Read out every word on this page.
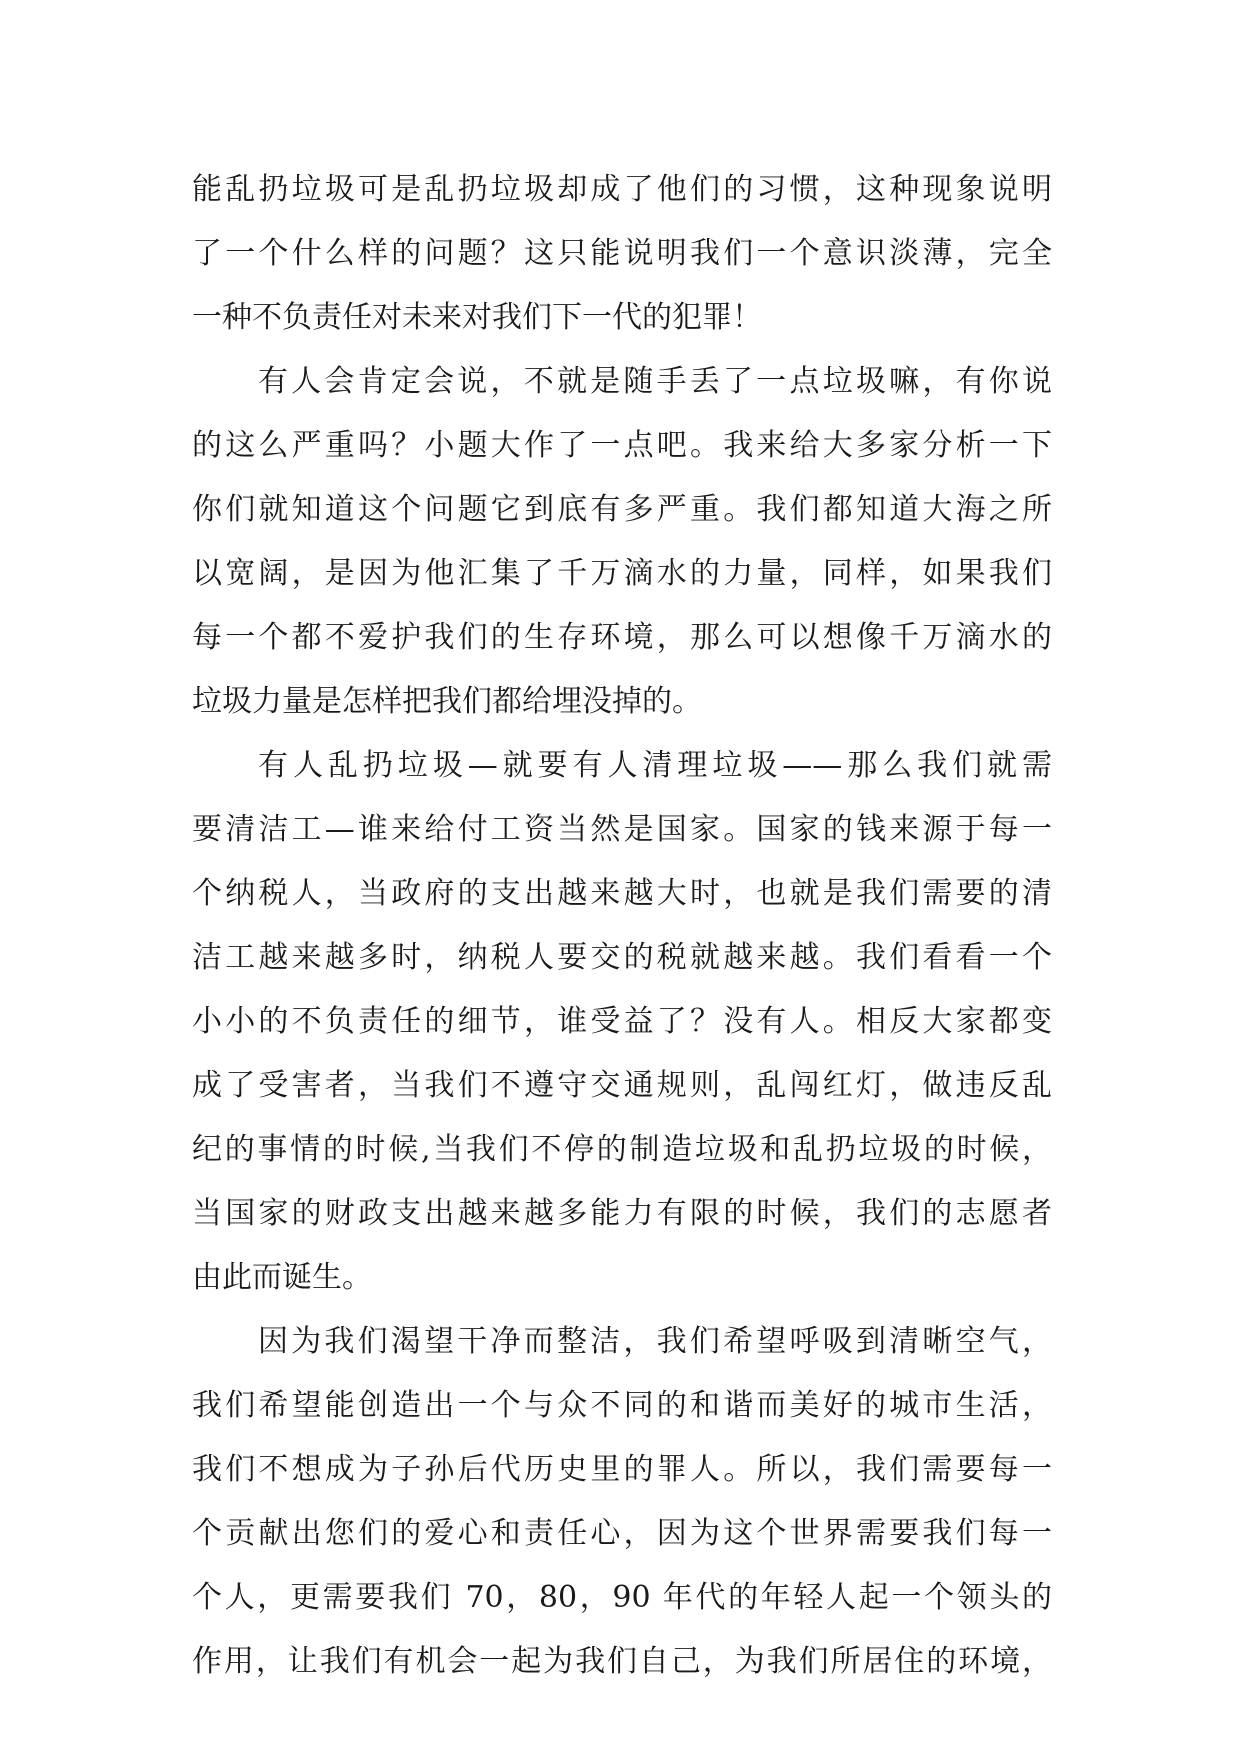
能乱扔垃圾可是乱扔垃圾却成了他们的习惯，这种现象说明
了一个什么样的问题？这只能说明我们一个意识淡薄，完全
一种不负责任对未来对我们下一代的犯罪！
有人会肯定会说，不就是随手丢了一点垃圾嘛，有你说
的这么严重吗？小题大作了一点吧。我来给大多家分析一下
你们就知道这个问题它到底有多严重。我们都知道大海之所
以宽阔，是因为他汇集了千万滴水的力量，同样，如果我们
每一个都不爱护我们的生存环境，那么可以想像千万滴水的
垃圾力量是怎样把我们都给埋没掉的。
有人乱扔垃圾—就要有人清理垃圾——那么我们就需
要清洁工—谁来给付工资当然是国家。国家的钱来源于每一
个纳税人，当政府的支出越来越大时，也就是我们需要的清
洁工越来越多时，纳税人要交的税就越来越。我们看看一个
小小的不负责任的细节，谁受益了？没有人。相反大家都变
成了受害者，当我们不遵守交通规则，乱闯红灯，做违反乱
纪的事情的时候,当我们不停的制造垃圾和乱扔垃圾的时候，
当国家的财政支出越来越多能力有限的时候，我们的志愿者
由此而诞生。
因为我们渴望干净而整洁，我们希望呼吸到清晰空气，
我们希望能创造出一个与众不同的和谐而美好的城市生活，
我们不想成为子孙后代历史里的罪人。所以，我们需要每一
个贡献出您们的爱心和责任心，因为这个世界需要我们每一
个人，更需要我们 70，80，90 年代的年轻人起一个领头的
作用，让我们有机会一起为我们自己，为我们所居住的环境，
